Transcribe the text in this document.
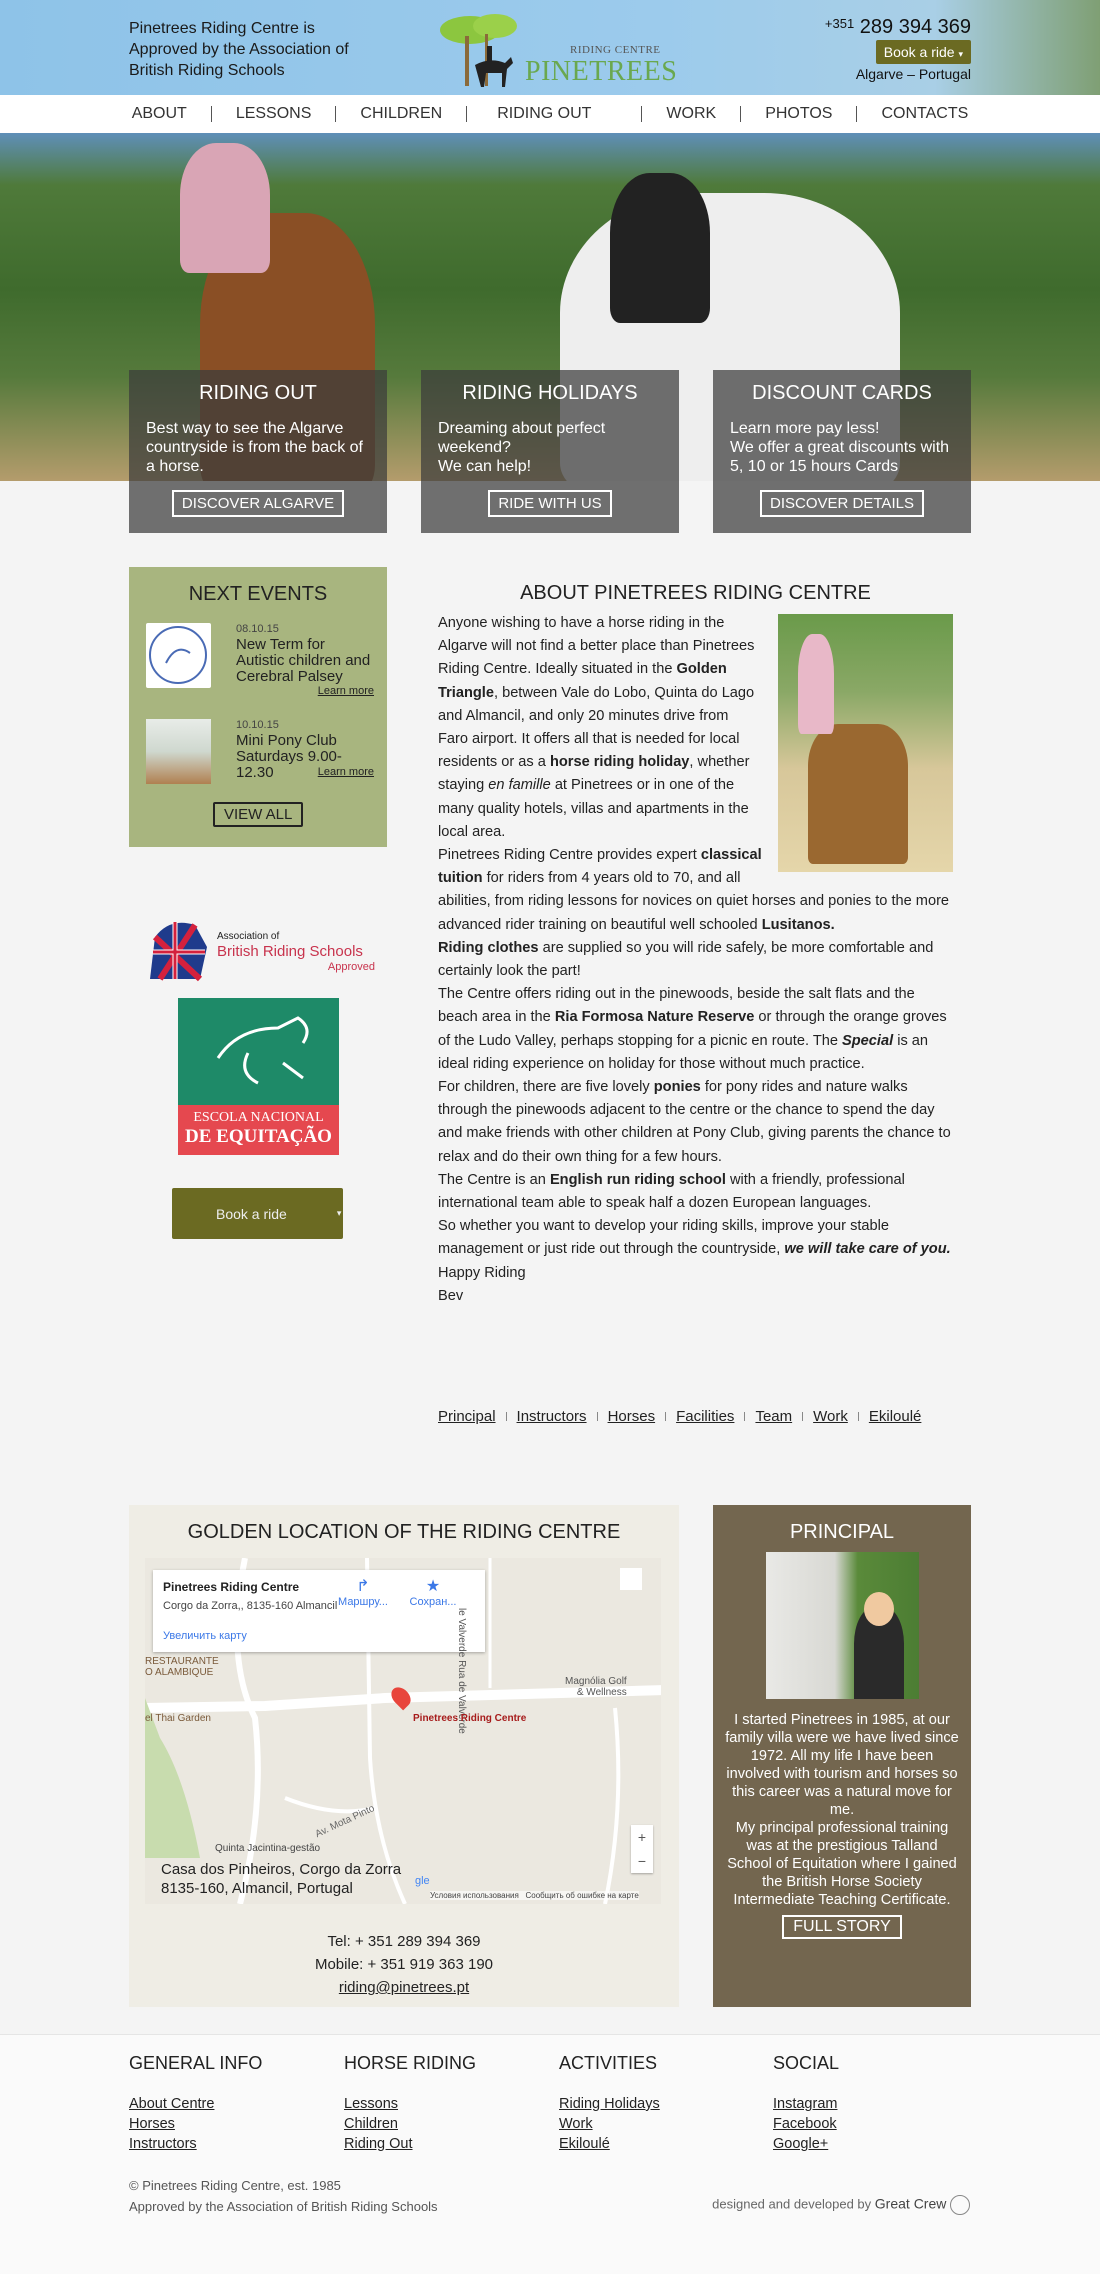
Pinetrees Riding Centre is Approved by the Association of British Riding Schools
RIDING CENTRE
PINETREES
$^{+351}$ 289 394 369
Book a ride ▾
Algarve – Portugal
ABOUT	LESSONS	CHILDREN	RIDING OUT	WORK	PHOTOS	CONTACTS
RIDING OUT

Best way to see the Algarve countryside is from the back of a horse.

DISCOVER ALGARVE
RIDING HOLIDAYS

Dreaming about perfect weekend?
We can help!

RIDE WITH US
DISCOUNT CARDS

Learn more pay less!
We offer a great discounts with 5, 10 or 15 hours Cards

DISCOVER DETAILS
NEXT EVENTS
08.10.15
New Term for Autistic children and Cerebral Palsey
Learn more
10.10.15
Mini Pony Club Saturdays 9.00-12.30	Learn more
VIEW ALL
Association of
British Riding Schools
Approved
ESCOLA NACIONAL
DE EQUITAÇÃO
Book a ride	▾
ABOUT PINETREES RIDING CENTRE
Anyone wishing to have a horse riding in the Algarve will not find a better place than Pinetrees Riding Centre. Ideally situated in the Golden Triangle, between Vale do Lobo, Quinta do Lago and Almancil, and only 20 minutes drive from Faro airport. It offers all that is needed for local residents or as a horse riding holiday, whether staying en famille at Pinetrees or in one of the many quality hotels, villas and apartments in the local area.
Pinetrees Riding Centre provides expert classical tuition for riders from 4 years old to 70, and all abilities, from riding lessons for novices on quiet horses and ponies to the more advanced rider training on beautiful well schooled Lusitanos.
Riding clothes are supplied so you will ride safely, be more comfortable and certainly look the part!
The Centre offers riding out in the pinewoods, beside the salt flats and the beach area in the Ria Formosa Nature Reserve or through the orange groves of the Ludo Valley, perhaps stopping for a picnic en route. The Special is an ideal riding experience on holiday for those without much practice.
For children, there are five lovely ponies for pony rides and nature walks through the pinewoods adjacent to the centre or the chance to spend the day and make friends with other children at Pony Club, giving parents the chance to relax and do their own thing for a few hours.
The Centre is an English run riding school with a friendly, professional international team able to speak half a dozen European languages.
So whether you want to develop your riding skills, improve your stable management or just ride out through the countryside, we will take care of you.
Happy Riding
Bev
Principal Instructors Horses Facilities Team Work Ekiloulé
GOLDEN LOCATION OF THE RIDING CENTRE
Pinetrees Riding Centre
Corgo da Zorra,, 8135-160 Almancil
↱
Маршру...
★
Сохран...
Увеличить карту
RESTAURANTE
O ALAMBIQUE
el Thai Garden
Magnólia Golf
& Wellness
le Valverde Rua de Valverde
Av. Mota Pinto
Quinta Jacintina-gestão
Pinetrees Riding Centre
+
−
gle
Условия использования Сообщить об ошибке на карте
Casa dos Pinheiros, Corgo da Zorra
8135-160, Almancil, Portugal
Tel: + 351 289 394 369
Mobile: + 351 919 363 190
riding@pinetrees.pt
PRINCIPAL

I started Pinetrees in 1985, at our family villa were we have lived since 1972. All my life I have been involved with tourism and horses so this career was a natural move for me.

My principal professional training was at the prestigious Talland School of Equitation where I gained the British Horse Society Intermediate Teaching Certificate.

FULL STORY
GENERAL INFO
About Centre
Horses
Instructors
HORSE RIDING
Lessons
Children
Riding Out
ACTIVITIES
Riding Holidays
Work
Ekiloulé
SOCIAL
Instagram
Facebook
Google+
© Pinetrees Riding Centre, est. 1985
Approved by the Association of British Riding Schools	designed and developed by Great Crew
